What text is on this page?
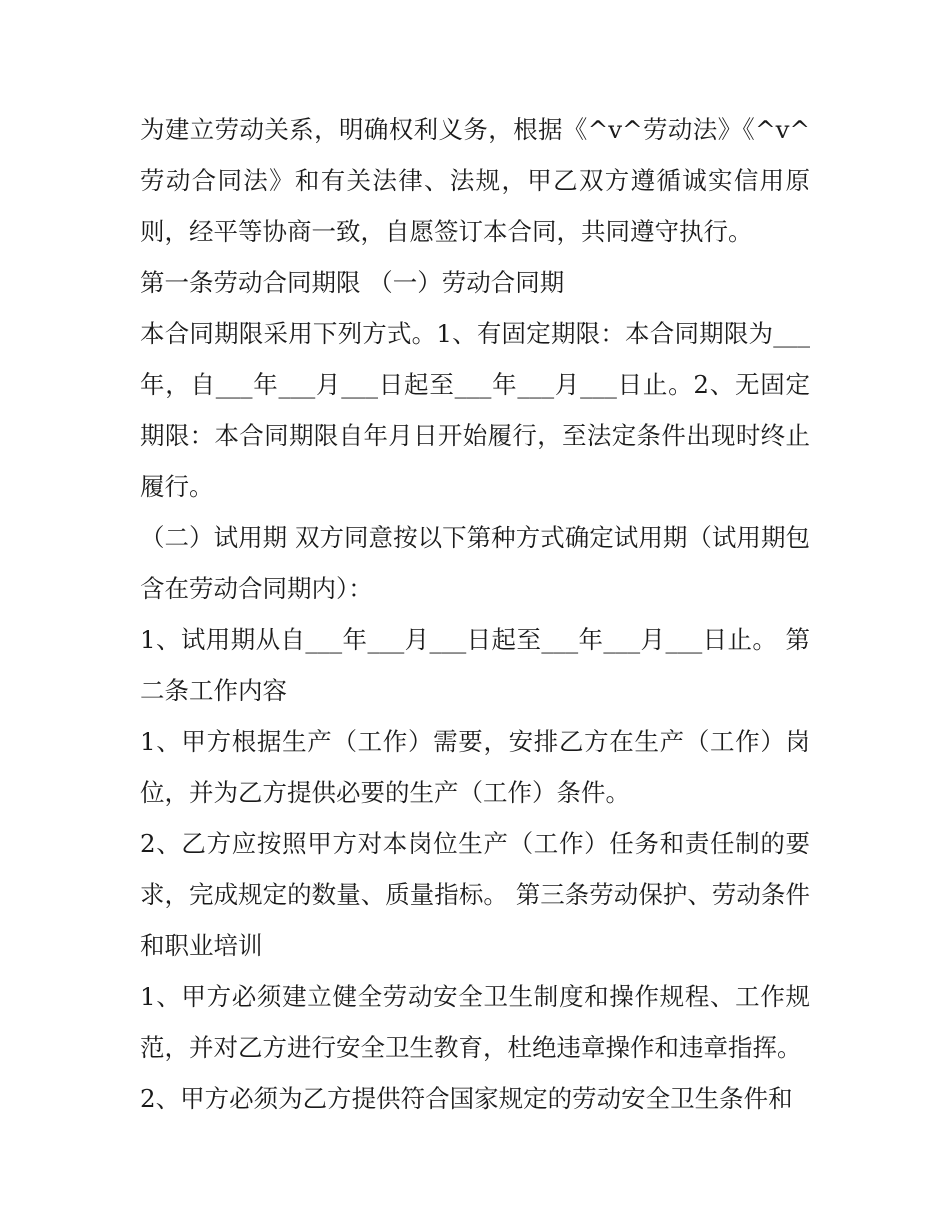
为建立劳动关系，明确权利义务，根据《^v^劳动法》《^v^劳动合同法》和有关法律、法规，甲乙双方遵循诚实信用原则，经平等协商一致，自愿签订本合同，共同遵守执行。

第一条劳动合同期限 （一）劳动合同期

本合同期限采用下列方式。1、有固定期限：本合同期限为___年，自___年___月___日起至___年___月___日止。2、无固定期限：本合同期限自年月日开始履行，至法定条件出现时终止履行。

（二）试用期 双方同意按以下第种方式确定试用期（试用期包含在劳动合同期内）：

1、试用期从自___年___月___日起至___年___月___日止。 第二条工作内容

1、甲方根据生产（工作）需要，安排乙方在生产（工作）岗位，并为乙方提供必要的生产（工作）条件。

2、乙方应按照甲方对本岗位生产（工作）任务和责任制的要求，完成规定的数量、质量指标。 第三条劳动保护、劳动条件和职业培训

1、甲方必须建立健全劳动安全卫生制度和操作规程、工作规范，并对乙方进行安全卫生教育，杜绝违章操作和违章指挥。

2、甲方必须为乙方提供符合国家规定的劳动安全卫生条件和
